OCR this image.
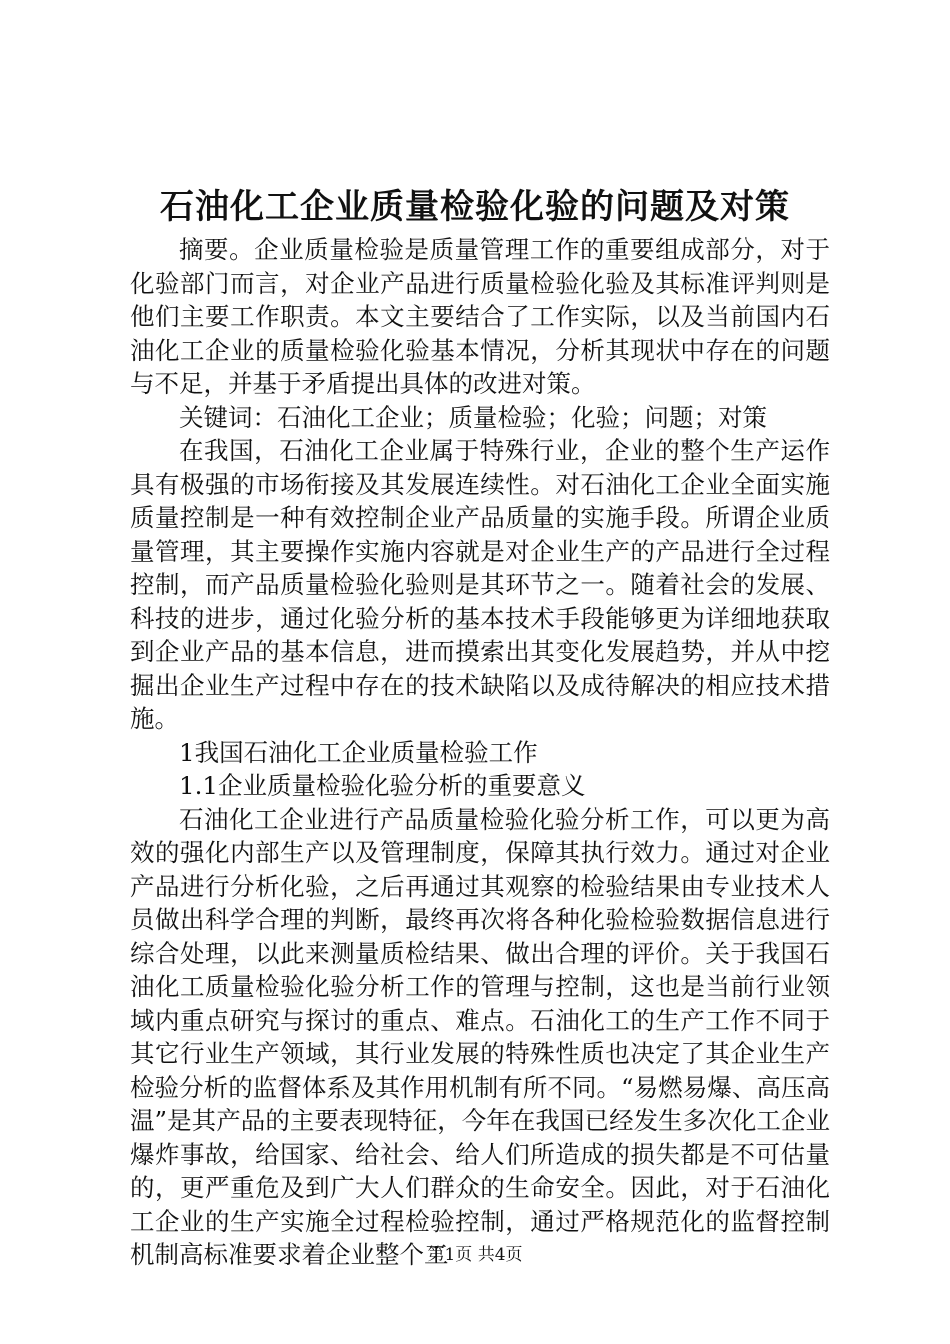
石油化工企业质量检验化验的问题及对策

摘要。企业质量检验是质量管理工作的重要组成部分，对于化验部门而言，对企业产品进行质量检验化验及其标准评判则是他们主要工作职责。本文主要结合了工作实际，以及当前国内石油化工企业的质量检验化验基本情况，分析其现状中存在的问题与不足，并基于矛盾提出具体的改进对策。

关键词：石油化工企业；质量检验；化验；问题；对策

在我国，石油化工企业属于特殊行业，企业的整个生产运作具有极强的市场衔接及其发展连续性。对石油化工企业全面实施质量控制是一种有效控制企业产品质量的实施手段。所谓企业质量管理，其主要操作实施内容就是对企业生产的产品进行全过程控制，而产品质量检验化验则是其环节之一。随着社会的发展、科技的进步，通过化验分析的基本技术手段能够更为详细地获取到企业产品的基本信息，进而摸索出其变化发展趋势，并从中挖掘出企业生产过程中存在的技术缺陷以及成待解决的相应技术措施。

1我国石油化工企业质量检验工作

1.1企业质量检验化验分析的重要意义

石油化工企业进行产品质量检验化验分析工作，可以更为高效的强化内部生产以及管理制度，保障其执行效力。通过对企业产品进行分析化验，之后再通过其观察的检验结果由专业技术人员做出科学合理的判断，最终再次将各种化验检验数据信息进行综合处理，以此来测量质检结果、做出合理的评价。关于我国石油化工质量检验化验分析工作的管理与控制，这也是当前行业领域内重点研究与探讨的重点、难点。石油化工的生产工作不同于其它行业生产领域，其行业发展的特殊性质也决定了其企业生产检验分析的监督体系及其作用机制有所不同。“易燃易爆、高压高温”是其产品的主要表现特征，今年在我国已经发生多次化工企业爆炸事故，给国家、给社会、给人们所造成的损失都是不可估量的，更严重危及到广大人们群众的生命安全。因此，对于石油化工企业的生产实施全过程检验控制，通过严格规范化的监督控制机制高标准要求着企业整个工

第1页 共4页
